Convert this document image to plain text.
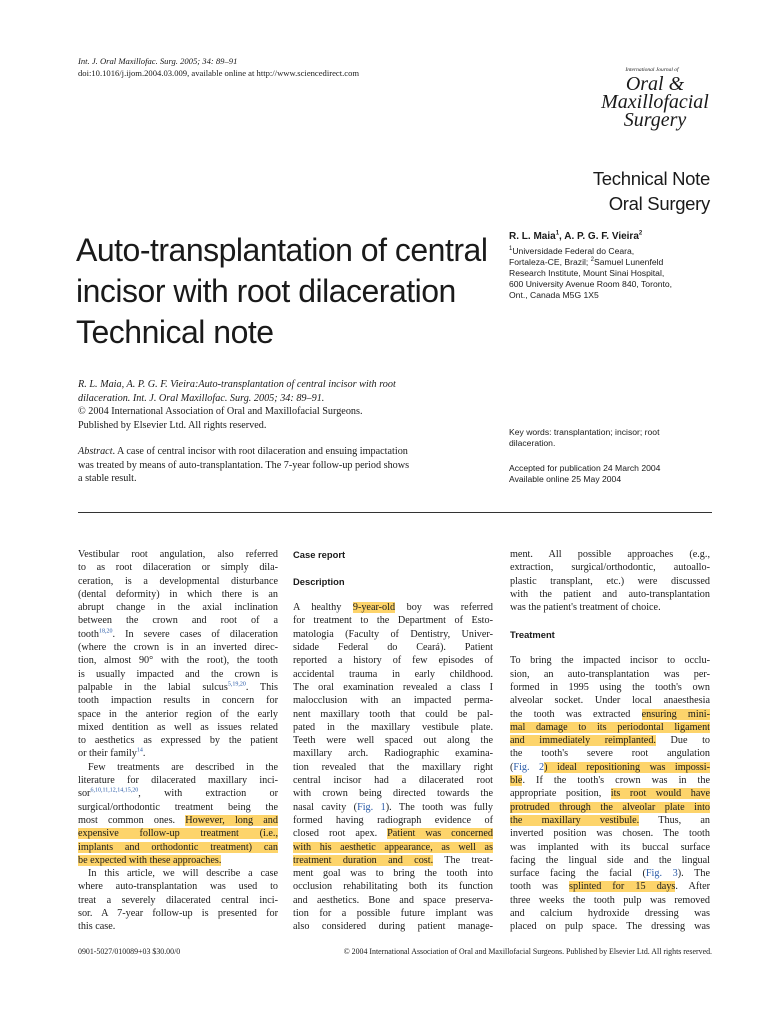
Int. J. Oral Maxillofac. Surg. 2005; 34: 89–91
doi:10.1016/j.ijom.2004.03.009, available online at http://www.sciencedirect.com	International Journal of
Oral &
Maxillofacial
Surgery
Technical Note
Oral Surgery
Auto-transplantation of central
incisor with root dilaceration
Technical note
R. L. Maia$^1$, A. P. G. F. Vieira$^2$
$^1$Universidade Federal do Ceara,
Fortaleza-CE, Brazil; $^2$Samuel Lunenfeld
Research Institute, Mount Sinai Hospital,
600 University Avenue Room 840, Toronto,
Ont., Canada M5G 1X5
R. L. Maia, A. P. G. F. Vieira:Auto-transplantation of central incisor with root
dilaceration. Int. J. Oral Maxillofac. Surg. 2005; 34: 89–91.
© 2004 International Association of Oral and Maxillofacial Surgeons.
Published by Elsevier Ltd. All rights reserved.
Abstract. A case of central incisor with root dilaceration and ensuing impactation
was treated by means of auto-transplantation. The 7-year follow-up period shows
a stable result.
Key words: transplantation; incisor; root
dilaceration.
Accepted for publication 24 March 2004
Available online 25 May 2004
Vestibular root angulation, also referred
to as root dilaceration or simply dila-
ceration, is a developmental disturbance
(dental deformity) in which there is an
abrupt change in the axial inclination
between the crown and root of a
tooth$^{18,20}$. In severe cases of dilaceration
(where the crown is in an inverted direc-
tion, almost 90° with the root), the tooth
is usually impacted and the crown is
palpable in the labial sulcus$^{5,19,20}$. This
tooth impaction results in concern for
space in the anterior region of the early
mixed dentition as well as issues related
to aesthetics as expressed by the patient
or their family$^{14}$.
Few treatments are described in the
literature for dilacerated maxillary inci-
sor$^{6,10,11,12,14,15,20}$, with extraction or
surgical/orthodontic treatment being the
most common ones. However, long and
expensive follow-up treatment (i.e.,
implants and orthodontic treatment) can
be expected with these approaches.
In this article, we will describe a case
where auto-transplantation was used to
treat a severely dilacerated central inci-
sor. A 7-year follow-up is presented for
this case.
Case report
Description
A healthy 9-year-old boy was referred
for treatment to the Department of Esto-
matologia (Faculty of Dentistry, Univer-
sidade Federal do Ceará). Patient
reported a history of few episodes of
accidental trauma in early childhood.
The oral examination revealed a class I
malocclusion with an impacted perma-
nent maxillary tooth that could be pal-
pated in the maxillary vestibule plate.
Teeth were well spaced out along the
maxillary arch. Radiographic examina-
tion revealed that the maxillary right
central incisor had a dilacerated root
with crown being directed towards the
nasal cavity (Fig. 1). The tooth was fully
formed having radiograph evidence of
closed root apex. Patient was concerned
with his aesthetic appearance, as well as
treatment duration and cost. The treat-
ment goal was to bring the tooth into
occlusion rehabilitating both its function
and aesthetics. Bone and space preserva-
tion for a possible future implant was
also considered during patient manage-
ment. All possible approaches (e.g.,
extraction, surgical/orthodontic, autoallo-
plastic transplant, etc.) were discussed
with the patient and auto-transplantation
was the patient's treatment of choice.
Treatment
To bring the impacted incisor to occlu-
sion, an auto-transplantation was per-
formed in 1995 using the tooth's own
alveolar socket. Under local anaesthesia
the tooth was extracted ensuring mini-
mal damage to its periodontal ligament
and immediately reimplanted. Due to
the tooth's severe root angulation
(Fig. 2) ideal repositioning was impossi-
ble. If the tooth's crown was in the
appropriate position, its root would have
protruded through the alveolar plate into
the maxillary vestibule. Thus, an
inverted position was chosen. The tooth
was implanted with its buccal surface
facing the lingual side and the lingual
surface facing the facial (Fig. 3). The
tooth was splinted for 15 days. After
three weeks the tooth pulp was removed
and calcium hydroxide dressing was
placed on pulp space. The dressing was
0901-5027/010089+03 $30.00/0	© 2004 International Association of Oral and Maxillofacial Surgeons. Published by Elsevier Ltd. All rights reserved.
